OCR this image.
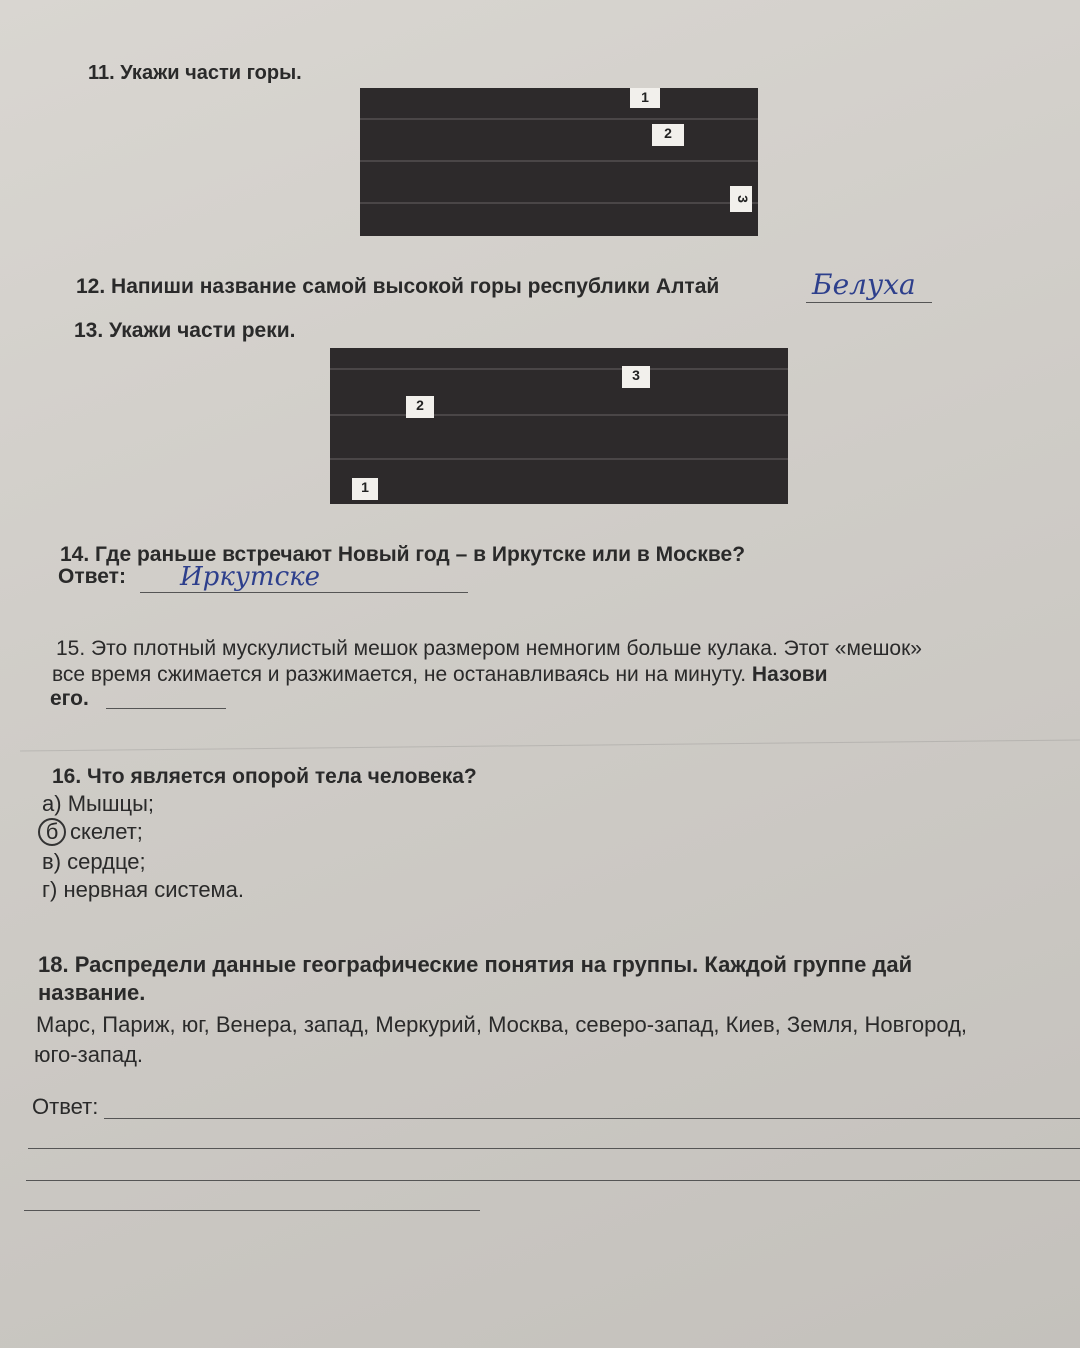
11. Укажи части горы.
1
2
3
12. Напиши название самой высокой горы республики Алтай	Белуха
13. Укажи части реки.
3
2
1
14. Где раньше встречают Новый год – в Иркутске или в Москве?
Ответ: Иркутске
15. Это плотный мускулистый мешок размером немногим больше кулака. Этот «мешок»
все время сжимается и разжимается, не останавливаясь ни на минуту. Назови
его.
16. Что является опорой тела человека?
а) Мышцы;
б скелет;
в) сердце;
г) нервная система.
18. Распредели данные географические понятия на группы. Каждой группе дай
название.
Марс, Париж, юг, Венера, запад, Меркурий, Москва, северо-запад, Киев, Земля, Новгород,
юго-запад.
Ответ:
